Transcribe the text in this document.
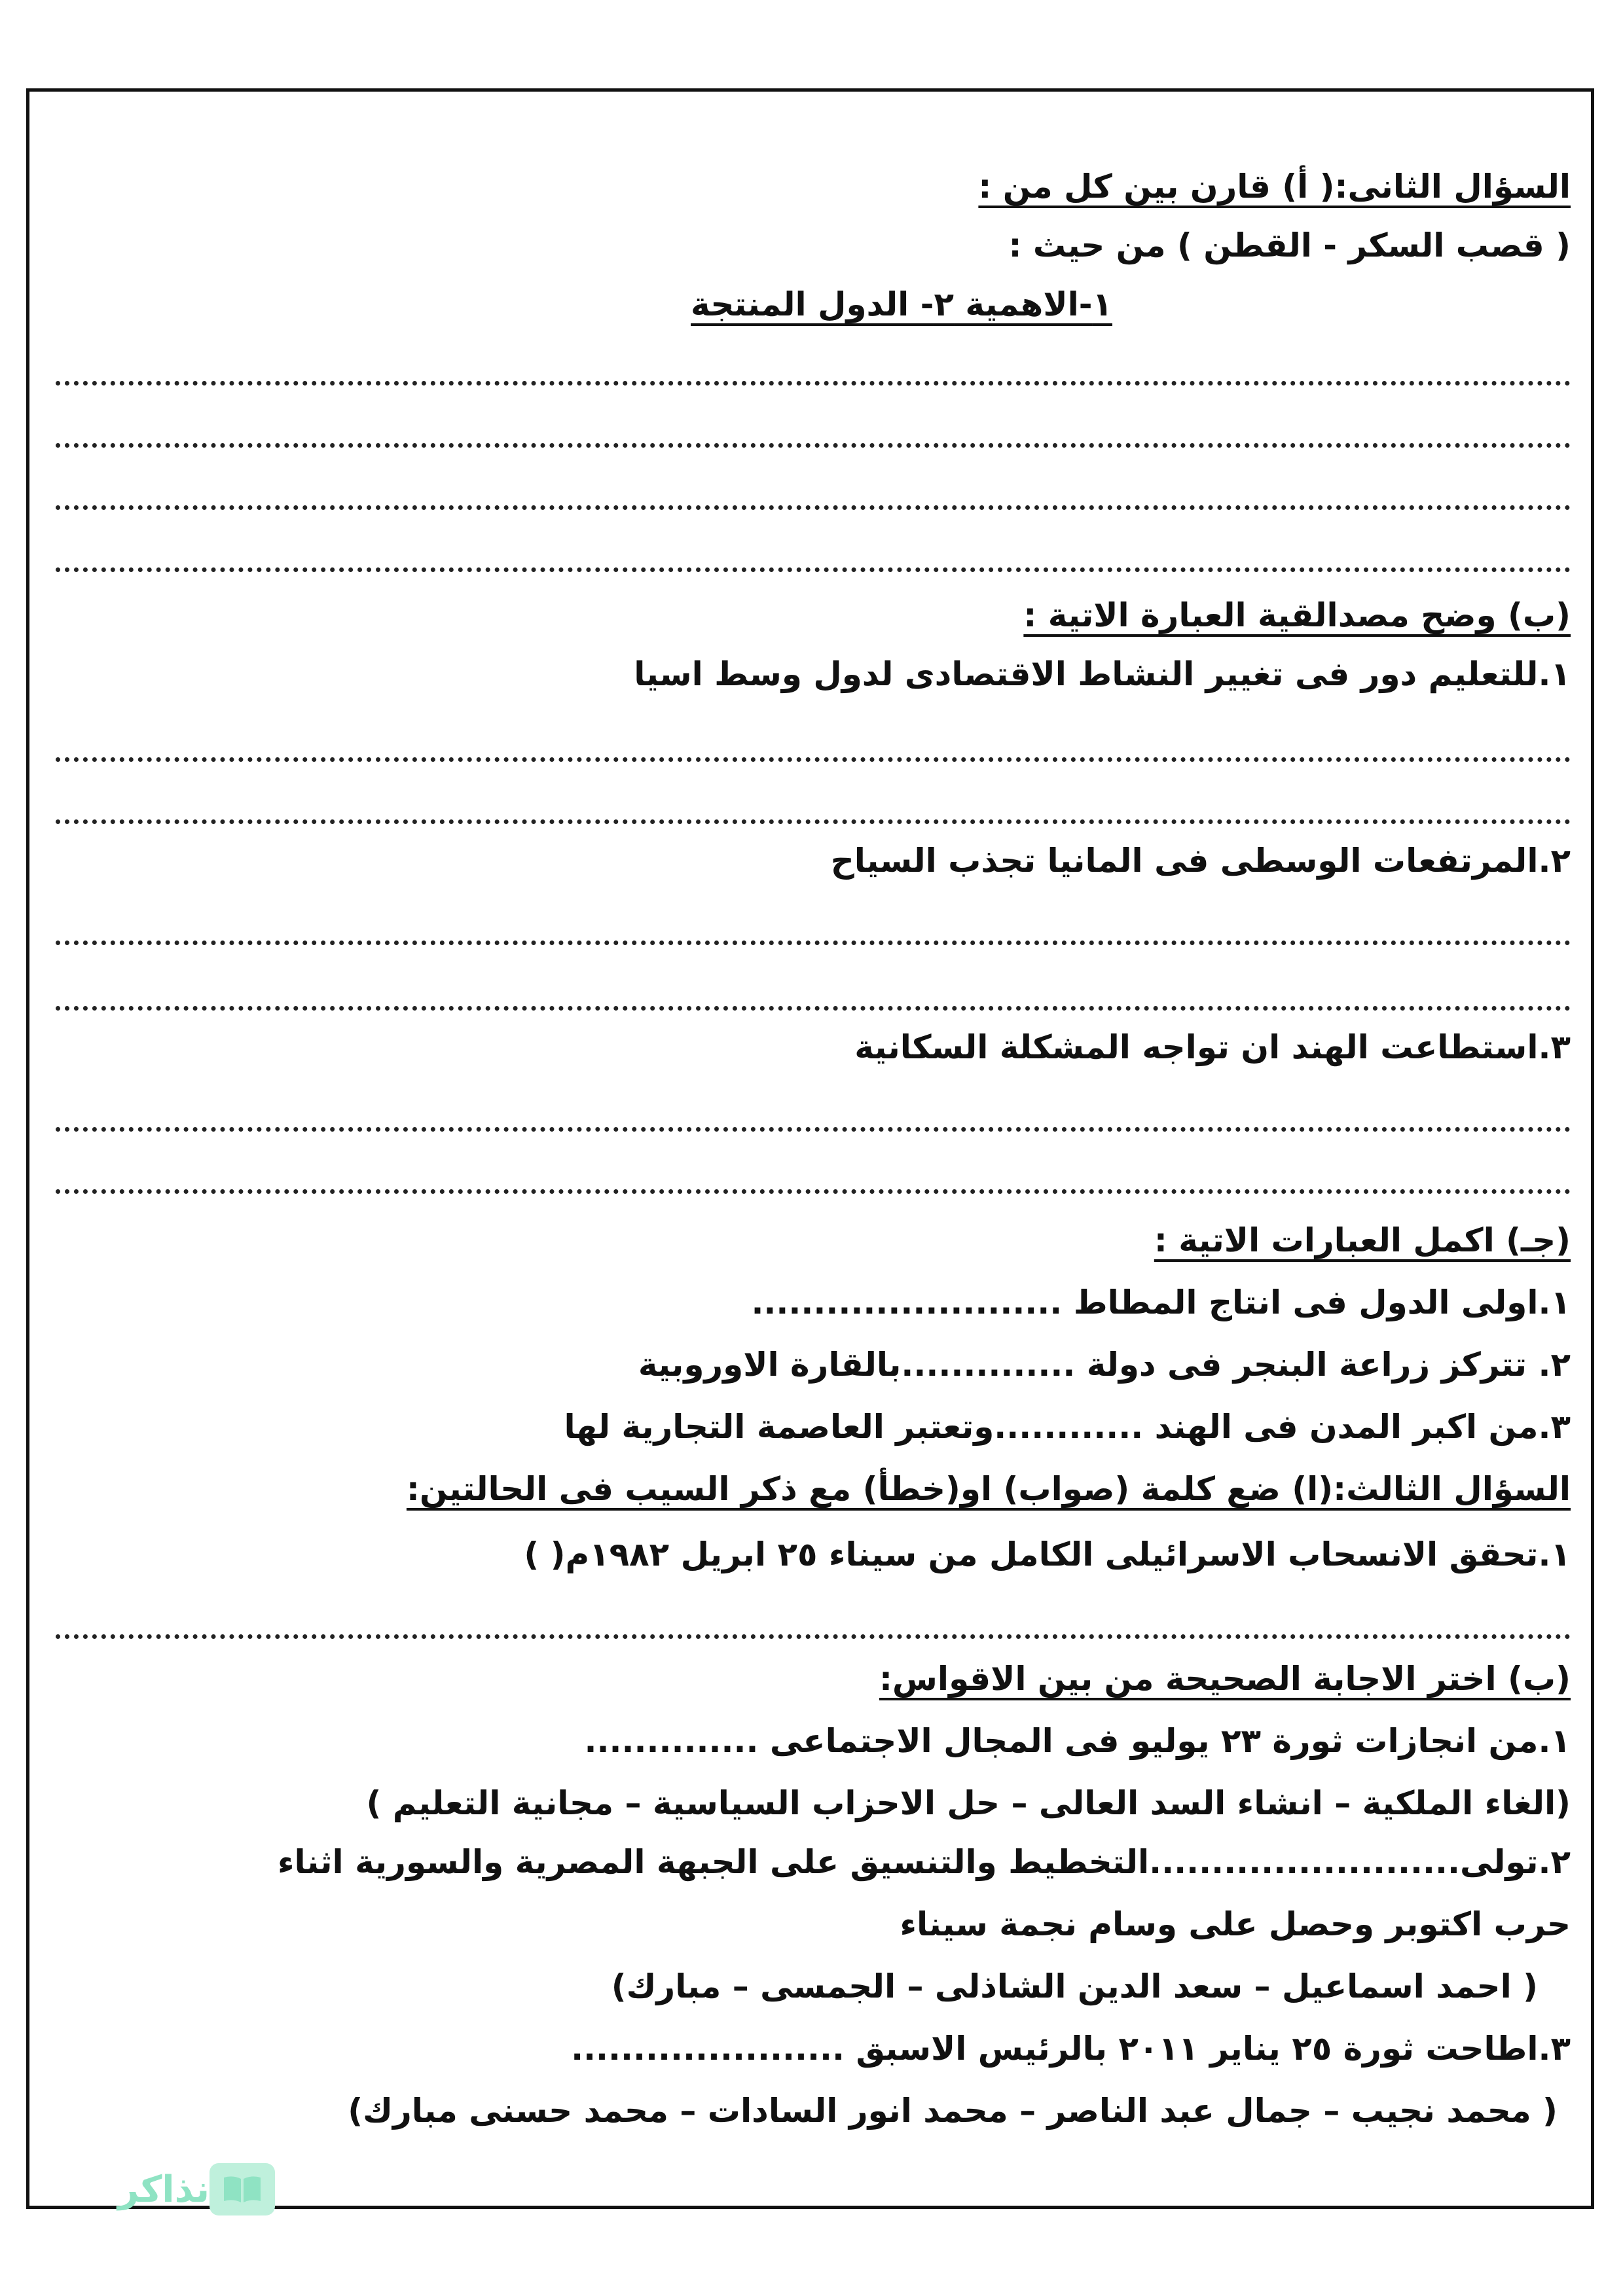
السؤال الثانى:( أ) قارن بين كل من :
( قصب السكر - القطن ) من حيث :
١-الاهمية ٢- الدول المنتجة
(ب) وضح مصدالقية العبارة الاتية :
١.للتعليم دور فى تغيير النشاط الاقتصادى لدول وسط اسيا
٢.المرتفعات الوسطى فى المانيا تجذب السياح
٣.استطاعت الهند ان تواجه المشكلة السكانية
(جـ) اكمل العبارات الاتية :
١.اولى الدول فى انتاج المطاط .........................
٢. تتركز زراعة البنجر فى دولة ..............بالقارة الاوروبية
٣.من اكبر المدن فى الهند ............وتعتبر العاصمة التجارية لها
السؤال الثالث:(ا) ضع كلمة (صواب) او(خطأ) مع ذكر السيب فى الحالتين:
١.تحقق الانسحاب الاسرائيلى الكامل من سيناء ٢٥ ابريل ١٩٨٢م( )
(ب) اختر الاجابة الصحيحة من بين الاقواس:
١.من انجازات ثورة ٢٣ يوليو فى المجال الاجتماعى ..............
(الغاء الملكية – انشاء السد العالى – حل الاحزاب السياسية – مجانية التعليم )
٢.تولى.........................التخطيط والتنسيق على الجبهة المصرية والسورية اثناء
حرب اكتوبر وحصل على وسام نجمة سيناء
( احمد اسماعيل – سعد الدين الشاذلى – الجمسى – مبارك)
٣.اطاحت ثورة ٢٥ يناير ٢٠١١ بالرئيس الاسبق ......................
( محمد نجيب – جمال عبد الناصر – محمد انور السادات – محمد حسنى مبارك)
نذاكر
